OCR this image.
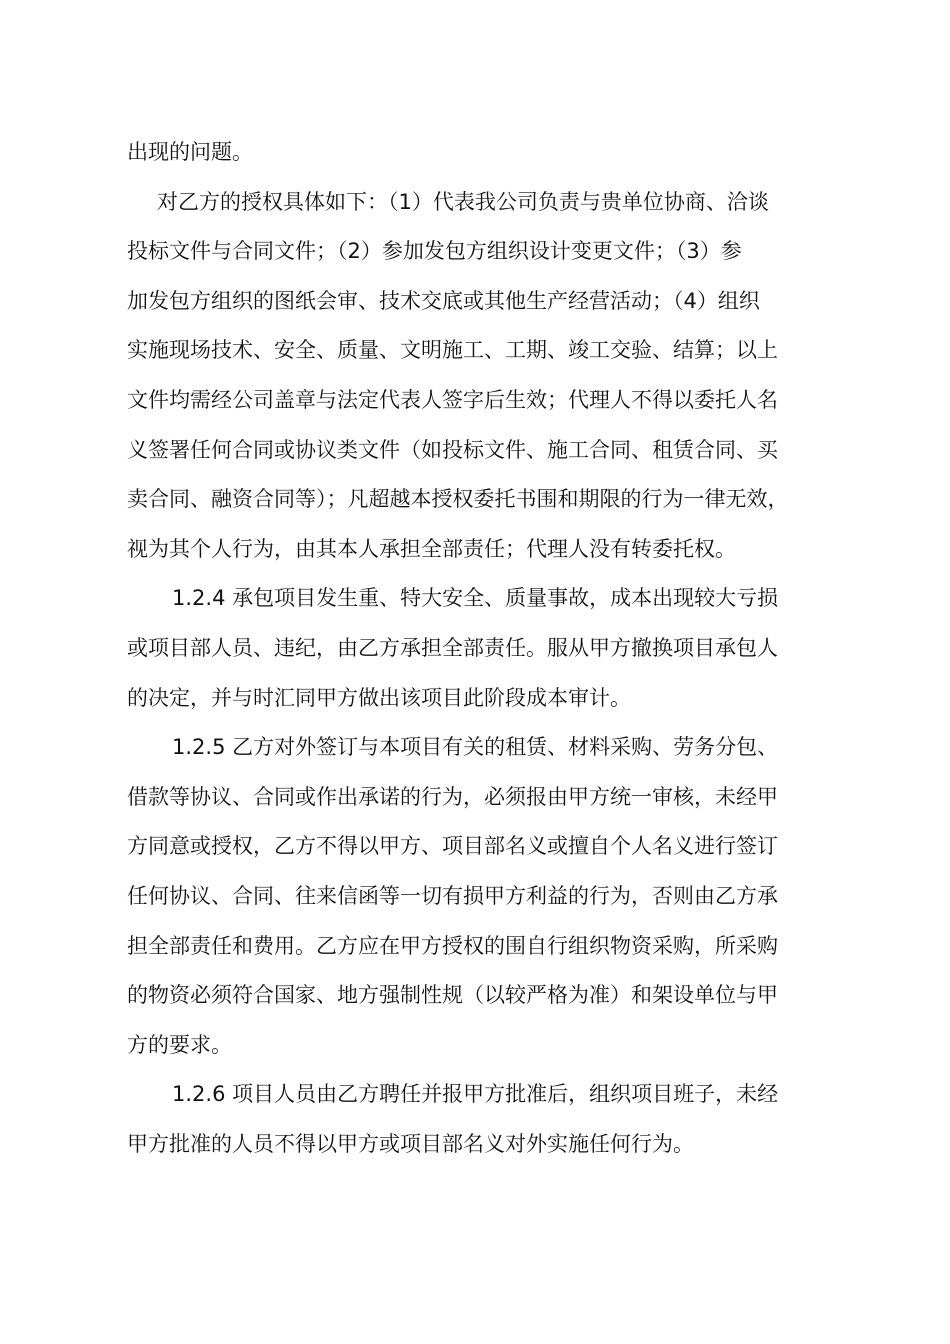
出现的问题。
对乙方的授权具体如下：（1）代表我公司负责与贵单位协商、洽谈
投标文件与合同文件；（2）参加发包方组织设计变更文件；（3）参
加发包方组织的图纸会审、技术交底或其他生产经营活动；（4）组织
实施现场技术、安全、质量、文明施工、工期、竣工交验、结算；以上
文件均需经公司盖章与法定代表人签字后生效；代理人不得以委托人名
义签署任何合同或协议类文件（如投标文件、施工合同、租赁合同、买
卖合同、融资合同等）；凡超越本授权委托书围和期限的行为一律无效，
视为其个人行为，由其本人承担全部责任；代理人没有转委托权。
1.2.4 承包项目发生重、特大安全、质量事故，成本出现较大亏损
或项目部人员、违纪，由乙方承担全部责任。服从甲方撤换项目承包人
的决定，并与时汇同甲方做出该项目此阶段成本审计。
1.2.5 乙方对外签订与本项目有关的租赁、材料采购、劳务分包、
借款等协议、合同或作出承诺的行为，必须报由甲方统一审核，未经甲
方同意或授权，乙方不得以甲方、项目部名义或擅自个人名义进行签订
任何协议、合同、往来信函等一切有损甲方利益的行为，否则由乙方承
担全部责任和费用。乙方应在甲方授权的围自行组织物资采购，所采购
的物资必须符合国家、地方强制性规（以较严格为准）和架设单位与甲
方的要求。
1.2.6 项目人员由乙方聘任并报甲方批准后，组织项目班子，未经
甲方批准的人员不得以甲方或项目部名义对外实施任何行为。
